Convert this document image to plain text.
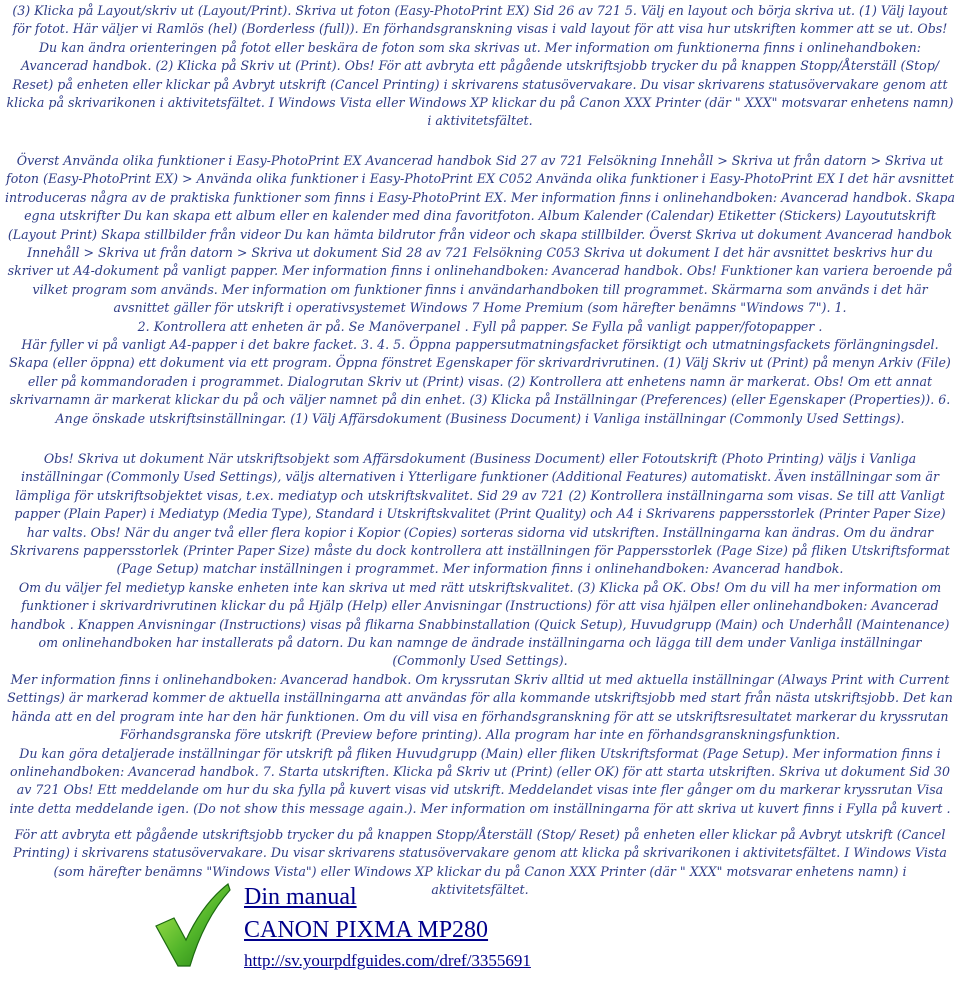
(3) Klicka på Layout/skriv ut (Layout/Print). Skriva ut foton (Easy-PhotoPrint EX) Sid 26 av 721 5. Välj en layout och börja skriva ut. (1) Välj layout för fotot. Här väljer vi Ramlös (hel) (Borderless (full)). En förhandsgranskning visas i vald layout för att visa hur utskriften kommer att se ut. Obs! Du kan ändra orienteringen på fotot eller beskära de foton som ska skrivas ut. Mer information om funktionerna finns i onlinehandboken: Avancerad handbok. (2) Klicka på Skriv ut (Print). Obs! För att avbryta ett pågående utskriftsjobb trycker du på knappen Stopp/Återställ (Stop/ Reset) på enheten eller klickar på Avbryt utskrift (Cancel Printing) i skrivarens statusövervakare. Du visar skrivarens statusövervakare genom att klicka på skrivarikonen i aktivitetsfältet. I Windows Vista eller Windows XP klickar du på Canon XXX Printer (där " XXX" motsvarar enhetens namn) i aktivitetsfältet.

Överst Använda olika funktioner i Easy-PhotoPrint EX Avancerad handbok Sid 27 av 721 Felsökning Innehåll > Skriva ut från datorn > Skriva ut foton (Easy-PhotoPrint EX) > Använda olika funktioner i Easy-PhotoPrint EX C052 Använda olika funktioner i Easy-PhotoPrint EX I det här avsnittet introduceras några av de praktiska funktioner som finns i Easy-PhotoPrint EX. Mer information finns i onlinehandboken: Avancerad handbok. Skapa egna utskrifter Du kan skapa ett album eller en kalender med dina favoritfoton. Album Kalender (Calendar) Etiketter (Stickers) Layoututskrift (Layout Print) Skapa stillbilder från videor Du kan hämta bildrutor från videor och skapa stillbilder. Överst Skriva ut dokument Avancerad handbok Innehåll > Skriva ut från datorn > Skriva ut dokument Sid 28 av 721 Felsökning C053 Skriva ut dokument I det här avsnittet beskrivs hur du skriver ut A4-dokument på vanligt papper. Mer information finns i onlinehandboken: Avancerad handbok. Obs! Funktioner kan variera beroende på vilket program som används. Mer information om funktioner finns i användarhandboken till programmet. Skärmarna som används i det här avsnittet gäller för utskrift i operativsystemet Windows 7 Home Premium (som härefter benämns "Windows 7"). 1.
2. Kontrollera att enheten är på. Se Manöverpanel . Fyll på papper. Se Fylla på vanligt papper/fotopapper .
Här fyller vi på vanligt A4-papper i det bakre facket. 3. 4. 5. Öppna pappersutmatningsfacket försiktigt och utmatningsfackets förlängningsdel. Skapa (eller öppna) ett dokument via ett program. Öppna fönstret Egenskaper för skrivardrivrutinen. (1) Välj Skriv ut (Print) på menyn Arkiv (File) eller på kommandoraden i programmet. Dialogrutan Skriv ut (Print) visas. (2) Kontrollera att enhetens namn är markerat. Obs! Om ett annat skrivarnamn är markerat klickar du på och väljer namnet på din enhet. (3) Klicka på Inställningar (Preferences) (eller Egenskaper (Properties)). 6. Ange önskade utskriftsinställningar. (1) Välj Affärsdokument (Business Document) i Vanliga inställningar (Commonly Used Settings).

Obs! Skriva ut dokument När utskriftsobjekt som Affärsdokument (Business Document) eller Fotoutskrift (Photo Printing) väljs i Vanliga inställningar (Commonly Used Settings), väljs alternativen i Ytterligare funktioner (Additional Features) automatiskt. Även inställningar som är lämpliga för utskriftsobjektet visas, t.ex. mediatyp och utskriftskvalitet. Sid 29 av 721 (2) Kontrollera inställningarna som visas. Se till att Vanligt papper (Plain Paper) i Mediatyp (Media Type), Standard i Utskriftskvalitet (Print Quality) och A4 i Skrivarens pappersstorlek (Printer Paper Size) har valts. Obs! När du anger två eller flera kopior i Kopior (Copies) sorteras sidorna vid utskriften. Inställningarna kan ändras. Om du ändrar Skrivarens pappersstorlek (Printer Paper Size) måste du dock kontrollera att inställningen för Pappersstorlek (Page Size) på fliken Utskriftsformat (Page Setup) matchar inställningen i programmet. Mer information finns i onlinehandboken: Avancerad handbok.
Om du väljer fel medietyp kanske enheten inte kan skriva ut med rätt utskriftskvalitet. (3) Klicka på OK. Obs! Om du vill ha mer information om funktioner i skrivardrivrutinen klickar du på Hjälp (Help) eller Anvisningar (Instructions) för att visa hjälpen eller onlinehandboken: Avancerad handbok . Knappen Anvisningar (Instructions) visas på flikarna Snabbinstallation (Quick Setup), Huvudgrupp (Main) och Underhåll (Maintenance) om onlinehandboken har installerats på datorn. Du kan namnge de ändrade inställningarna och lägga till dem under Vanliga inställningar (Commonly Used Settings).
Mer information finns i onlinehandboken: Avancerad handbok. Om kryssrutan Skriv alltid ut med aktuella inställningar (Always Print with Current Settings) är markerad kommer de aktuella inställningarna att användas för alla kommande utskriftsjobb med start från nästa utskriftsjobb. Det kan hända att en del program inte har den här funktionen. Om du vill visa en förhandsgranskning för att se utskriftsresultatet markerar du kryssrutan Förhandsgranska före utskrift (Preview before printing). Alla program har inte en förhandsgranskningsfunktion.
Du kan göra detaljerade inställningar för utskrift på fliken Huvudgrupp (Main) eller fliken Utskriftsformat (Page Setup). Mer information finns i onlinehandboken: Avancerad handbok. 7. Starta utskriften. Klicka på Skriv ut (Print) (eller OK) för att starta utskriften. Skriva ut dokument Sid 30 av 721 Obs! Ett meddelande om hur du ska fylla på kuvert visas vid utskrift. Meddelandet visas inte fler gånger om du markerar kryssrutan Visa inte detta meddelande igen. (Do not show this message again.). Mer information om inställningarna för att skriva ut kuvert finns i Fylla på kuvert .

För att avbryta ett pågående utskriftsjobb trycker du på knappen Stopp/Återställ (Stop/ Reset) på enheten eller klickar på Avbryt utskrift (Cancel Printing) i skrivarens statusövervakare. Du visar skrivarens statusövervakare genom att klicka på skrivarikonen i aktivitetsfältet. I Windows Vista (som härefter benämns "Windows Vista") eller Windows XP klickar du på Canon XXX Printer (där " XXX" motsvarar enhetens namn) i aktivitetsfältet.

Din manual
CANON PIXMA MP280
http://sv.yourpdfguides.com/dref/3355691
